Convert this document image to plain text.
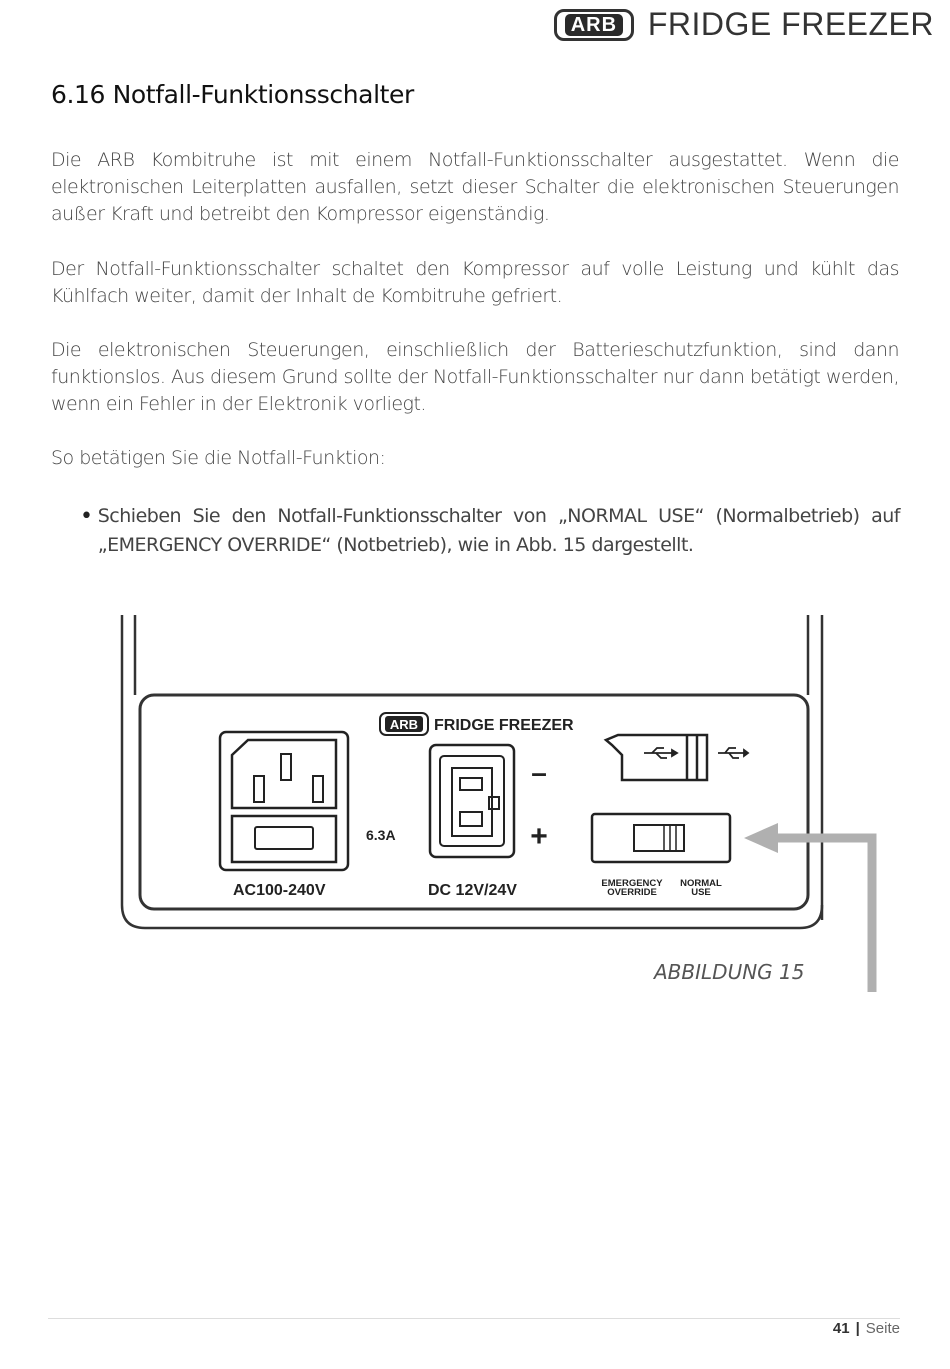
ARB FRIDGE FREEZER
6.16 Notfall-Funktionsschalter

Die ARB Kombitruhe ist mit einem Notfall-Funktionsschalter ausgestattet. Wenn die elektronischen Leiterplatten ausfallen, setzt dieser Schalter die elektronischen Steuerungen außer Kraft und betreibt den Kompressor eigenständig.

Der Notfall-Funktionsschalter schaltet den Kompressor auf volle Leistung und kühlt das Kühlfach weiter, damit der Inhalt de Kombitruhe gefriert.

Die elektronischen Steuerungen, einschließlich der Batterieschutzfunktion, sind dann funktionslos. Aus diesem Grund sollte der Notfall-Funktionsschalter nur dann betätigt werden, wenn ein Fehler in der Elektronik vorliegt.

So betätigen Sie die Notfall-Funktion:

• Schieben Sie den Notfall-Funktionsschalter von „NORMAL USE“ (Normalbetrieb) auf „EMERGENCY OVERRIDE“ (Notbetrieb), wie in Abb. 15 dargestellt.
ARB FRIDGE FREEZER
6.3A
AC100-240V
–
+
DC 12V/24V	EMERGENCY
OVERRIDE
NORMAL
USE

ABBILDUNG 15

41 | Seite
